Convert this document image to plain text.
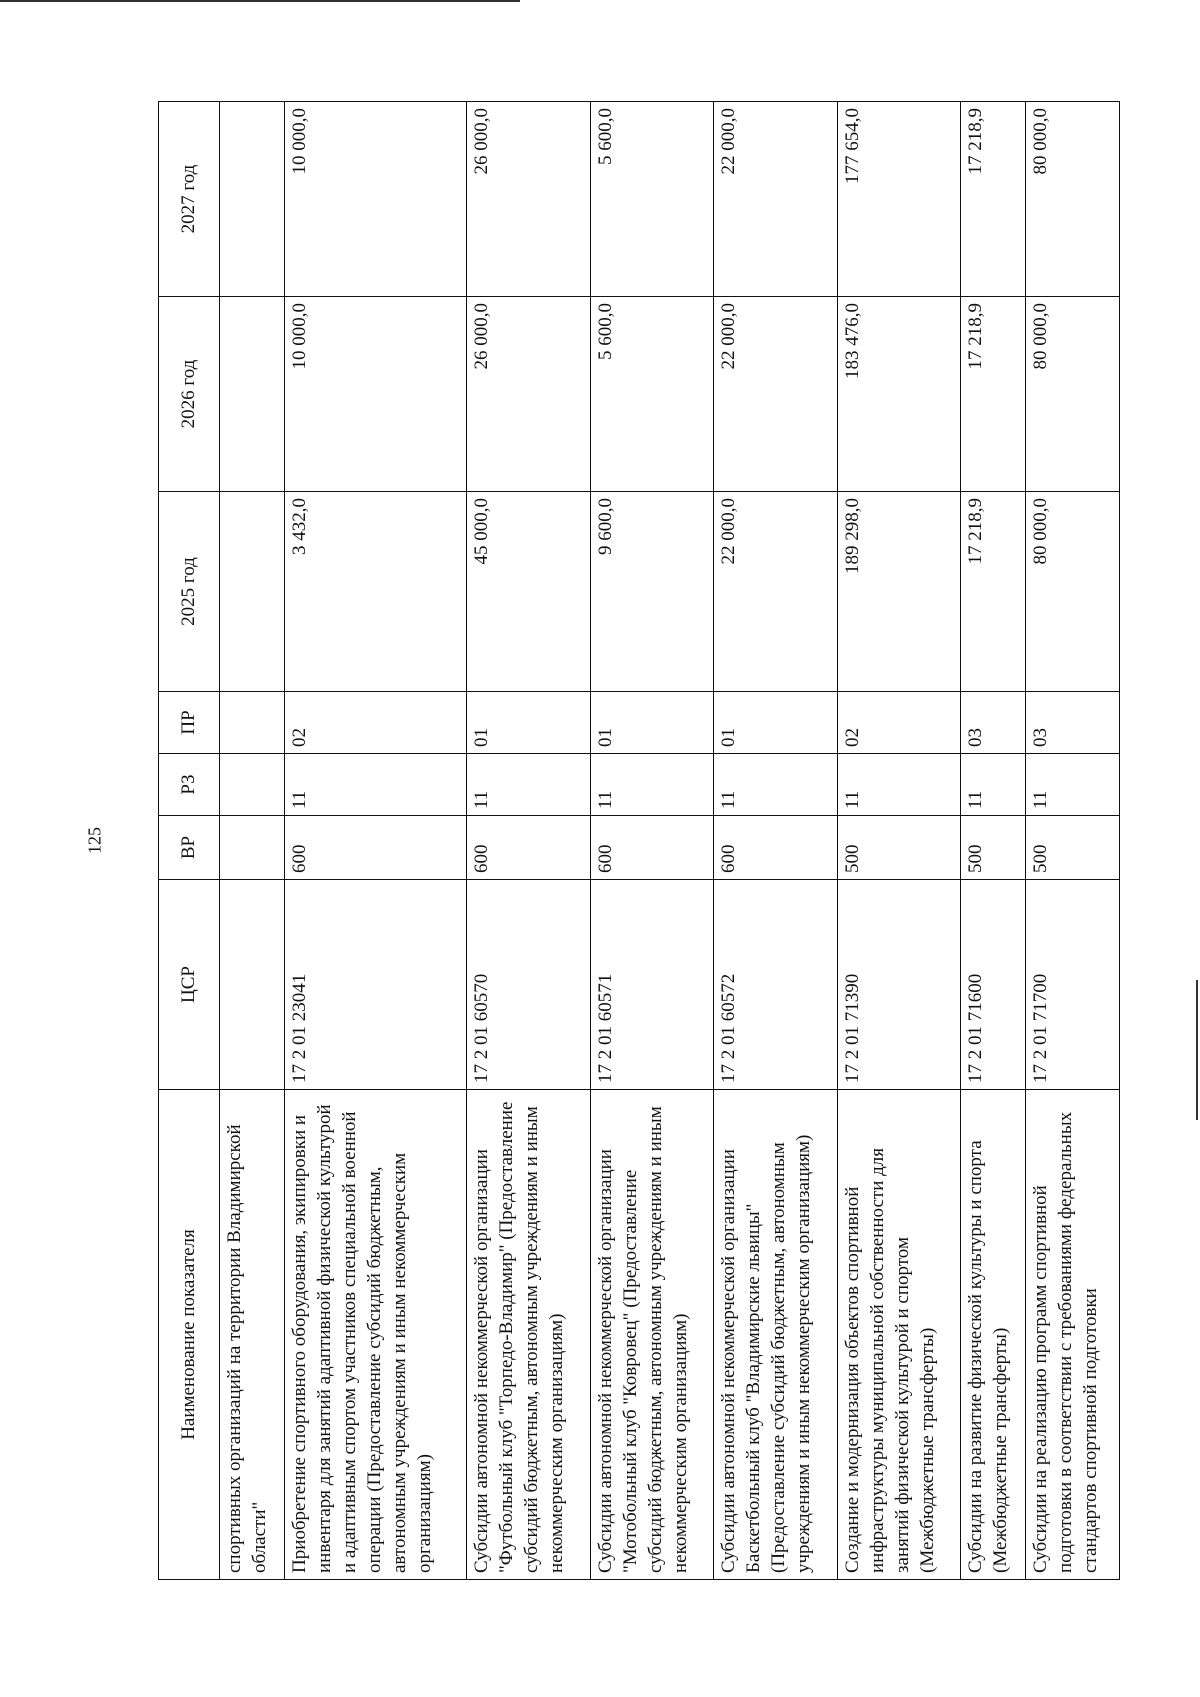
125
Наименование показателя	ЦСР	ВР	РЗ	ПР	2025 год	2026 год	2027 год
спортивных организаций на территории Владимирской области"							
Приобретение спортивного оборудования, экипировки и инвентаря для занятий адаптивной физической культурой и адаптивным спортом участников специальной военной операции (Предоставление субсидий бюджетным, автономным учреждениям и иным некоммерческим организациям)	17 2 01 23041	600	11	02	3 432,0	10 000,0	10 000,0
Субсидии автономной некоммерческой организации "Футбольный клуб "Торпедо-Владимир" (Предоставление субсидий бюджетным, автономным учреждениям и иным некоммерческим организациям)	17 2 01 60570	600	11	01	45 000,0	26 000,0	26 000,0
Субсидии автономной некоммерческой организации "Мотобольный клуб "Ковровец" (Предоставление субсидий бюджетным, автономным учреждениям и иным некоммерческим организациям)	17 2 01 60571	600	11	01	9 600,0	5 600,0	5 600,0
Субсидии автономной некоммерческой организации Баскетбольный клуб "Владимирские львицы" (Предоставление субсидий бюджетным, автономным учреждениям и иным некоммерческим организациям)	17 2 01 60572	600	11	01	22 000,0	22 000,0	22 000,0
Создание и модернизация объектов спортивной инфраструктуры муниципальной собственности для занятий физической культурой и спортом (Межбюджетные трансферты)	17 2 01 71390	500	11	02	189 298,0	183 476,0	177 654,0
Субсидии на развитие физической культуры и спорта (Межбюджетные трансферты)	17 2 01 71600	500	11	03	17 218,9	17 218,9	17 218,9
Субсидии на реализацию программ спортивной подготовки в соответствии с требованиями федеральных стандартов спортивной подготовки	17 2 01 71700	500	11	03	80 000,0	80 000,0	80 000,0
